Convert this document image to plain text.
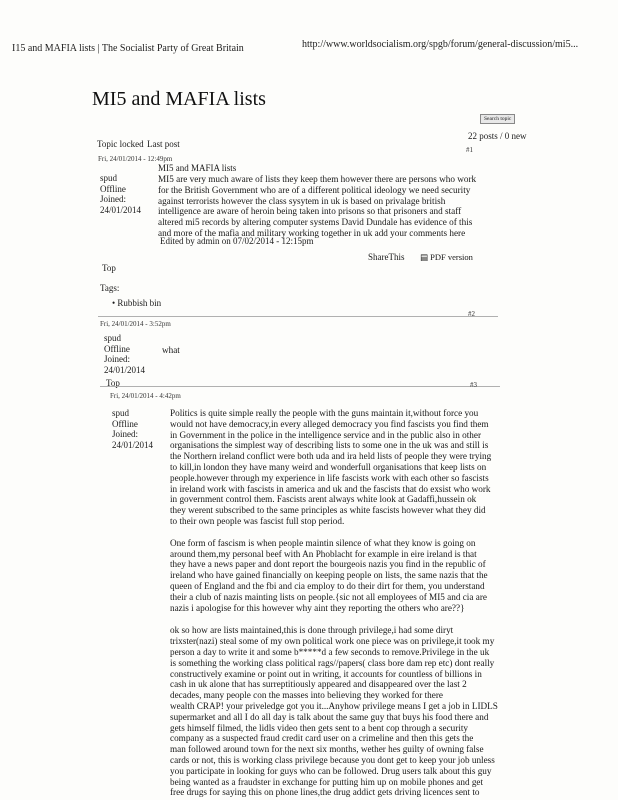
I15 and MAFIA lists | The Socialist Party of Great Britain	http://www.worldsocialism.org/spgb/forum/general-discussion/mi5...
MI5 and MAFIA lists
Search topic
Topic locked Last post
22 posts / 0 new
Fri, 24/01/2014 - 12:49pm
#1
MI5 and MAFIA lists
spud
Offline
Joined:
24/01/2014
MI5 are very much aware of lists they keep them however there are persons who work
for the British Government who are of a different political ideology we need security
against terrorists however the class sysytem in uk is based on privalage british
intelligence are aware of heroin being taken into prisons so that prisoners and staff
altered mi5 records by altering computer systems David Dundale has evidence of this
and more of the mafia and military working together in uk add your comments here
Edited by admin on 07/02/2014 - 12:15pm
ShareThis ▤ PDF version
Top
Tags:
• Rubbish bin
#2
Fri, 24/01/2014 - 3:52pm
spud
Offline
Joined:
24/01/2014
what
Top	#3
Fri, 24/01/2014 - 4:42pm
spud
Offline
Joined:
24/01/2014
Politics is quite simple really the people with the guns maintain it,without force you
would not have democracy,in every alleged democracy you find fascists you find them
in Government in the police in the intelligence service and in the public also in other
organisations the simplest way of describing lists to some one in the uk was and still is
the Northern ireland conflict were both uda and ira held lists of people they were trying
to kill,in london they have many weird and wonderfull organisations that keep lists on
people.however through my experience in life fascists work with each other so fascists
in ireland work with fascists in america and uk and the fascists that do exsist who work
in government control them. Fascists arent always white look at Gadaffi,hussein ok
they werent subscribed to the same principles as white fascists however what they did
to their own people was fascist full stop period.
One form of fascism is when people maintin silence of what they know is going on
around them,my personal beef with An Phoblacht for example in eire ireland is that
they have a news paper and dont report the bourgeois nazis you find in the republic of
ireland who have gained financially on keeping people on lists, the same nazis that the
queen of England and the fbi and cia employ to do their dirt for them, you understand
their a club of nazis mainting lists on people.{sic not all employees of MI5 and cia are
nazis i apologise for this however why aint they reporting the others who are??}
ok so how are lists maintained,this is done through privilege,i had some diryt
trixster(nazi) steal some of my own political work one piece was on privilege,it took my
person a day to write it and some b*****d a few seconds to remove.Privilege in the uk
is something the working class political rags//papers( class bore dam rep etc) dont really
constructively examine or point out in writing, it accounts for countless of billions in
cash in uk alone that has surreptitiously appeared and disappeared over the last 2
decades, many people con the masses into believing they worked for there
wealth CRAP! your priveledge got you it...Anyhow privilege means I get a job in LIDLS
supermarket and all I do all day is talk about the same guy that buys his food there and
gets himself filmed, the lidls video then gets sent to a bent cop through a security
company as a suspected fraud credit card user on a crimeline and then this gets the
man followed around town for the next six months, wether hes guilty of owning false
cards or not, this is working class privilege because you dont get to keep your job unless
you participate in looking for guys who can be followed. Drug users talk about this guy
being wanted as a fraudster in exchange for putting him up on mobile phones and get
free drugs for saying this on phone lines,the drug addict gets driving licences sent to
